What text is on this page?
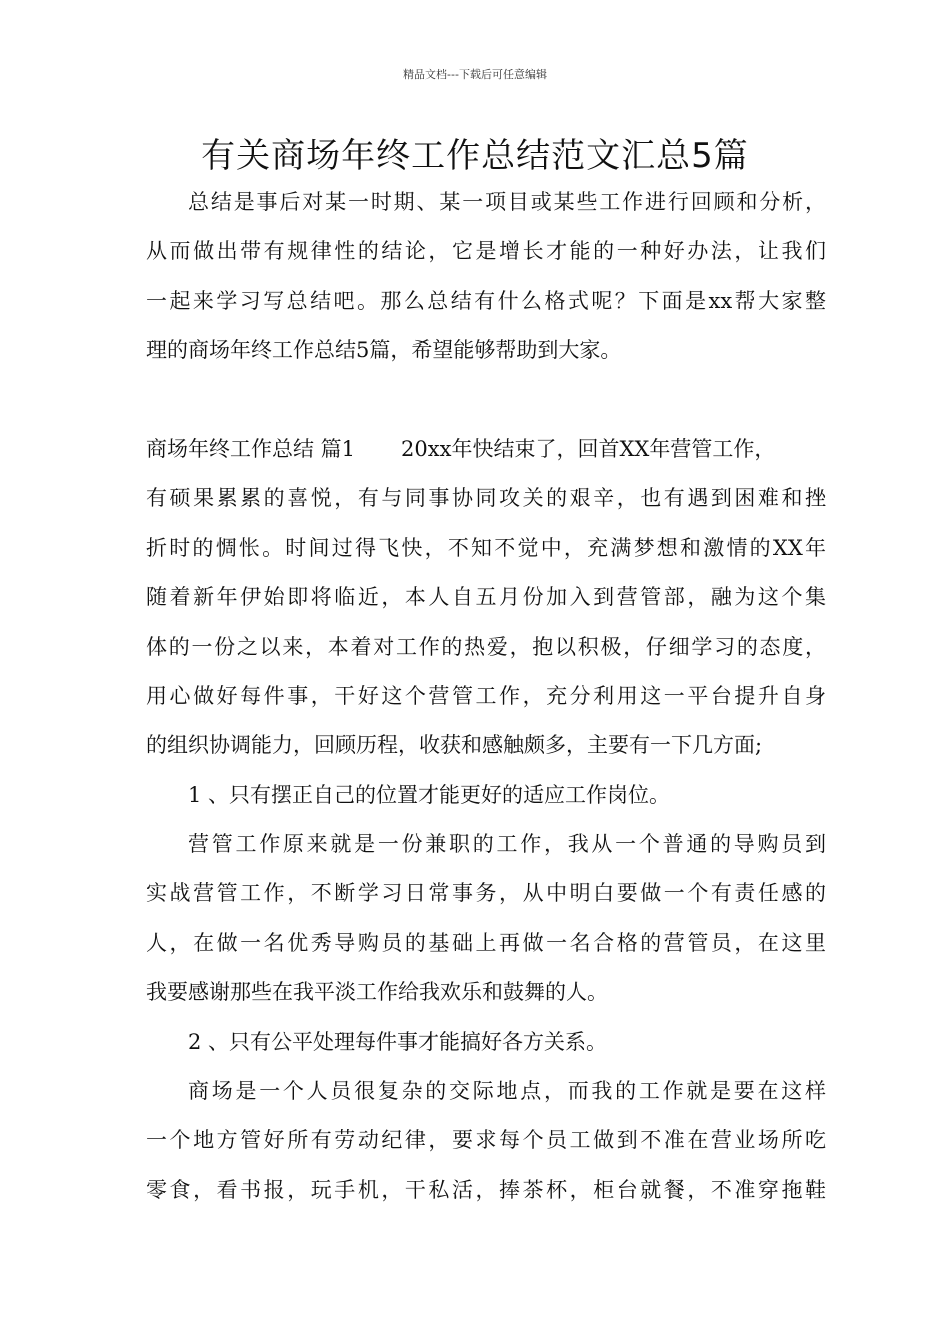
精品文档---下载后可任意编辑
有关商场年终工作总结范文汇总5篇
总结是事后对某一时期、某一项目或某些工作进行回顾和分析，
从而做出带有规律性的结论，它是增长才能的一种好办法，让我们
一起来学习写总结吧。那么总结有什么格式呢？下面是xx帮大家整
理的商场年终工作总结5篇，希望能够帮助到大家。
商场年终工作总结 篇1 20xx年快结束了，回首XX年营管工作，
有硕果累累的喜悦，有与同事协同攻关的艰辛，也有遇到困难和挫
折时的惆怅。时间过得飞快，不知不觉中，充满梦想和激情的XX年
随着新年伊始即将临近，本人自五月份加入到营管部，融为这个集
体的一份之以来，本着对工作的热爱，抱以积极，仔细学习的态度，
用心做好每件事，干好这个营管工作，充分利用这一平台提升自身
的组织协调能力，回顾历程，收获和感触颇多，主要有一下几方面;
1 、只有摆正自己的位置才能更好的适应工作岗位。
营管工作原来就是一份兼职的工作，我从一个普通的导购员到
实战营管工作，不断学习日常事务，从中明白要做一个有责任感的
人，在做一名优秀导购员的基础上再做一名合格的营管员，在这里
我要感谢那些在我平淡工作给我欢乐和鼓舞的人。
2 、只有公平处理每件事才能搞好各方关系。
商场是一个人员很复杂的交际地点，而我的工作就是要在这样
一个地方管好所有劳动纪律，要求每个员工做到不准在营业场所吃
零食，看书报，玩手机，干私活，捧茶杯，柜台就餐，不准穿拖鞋
